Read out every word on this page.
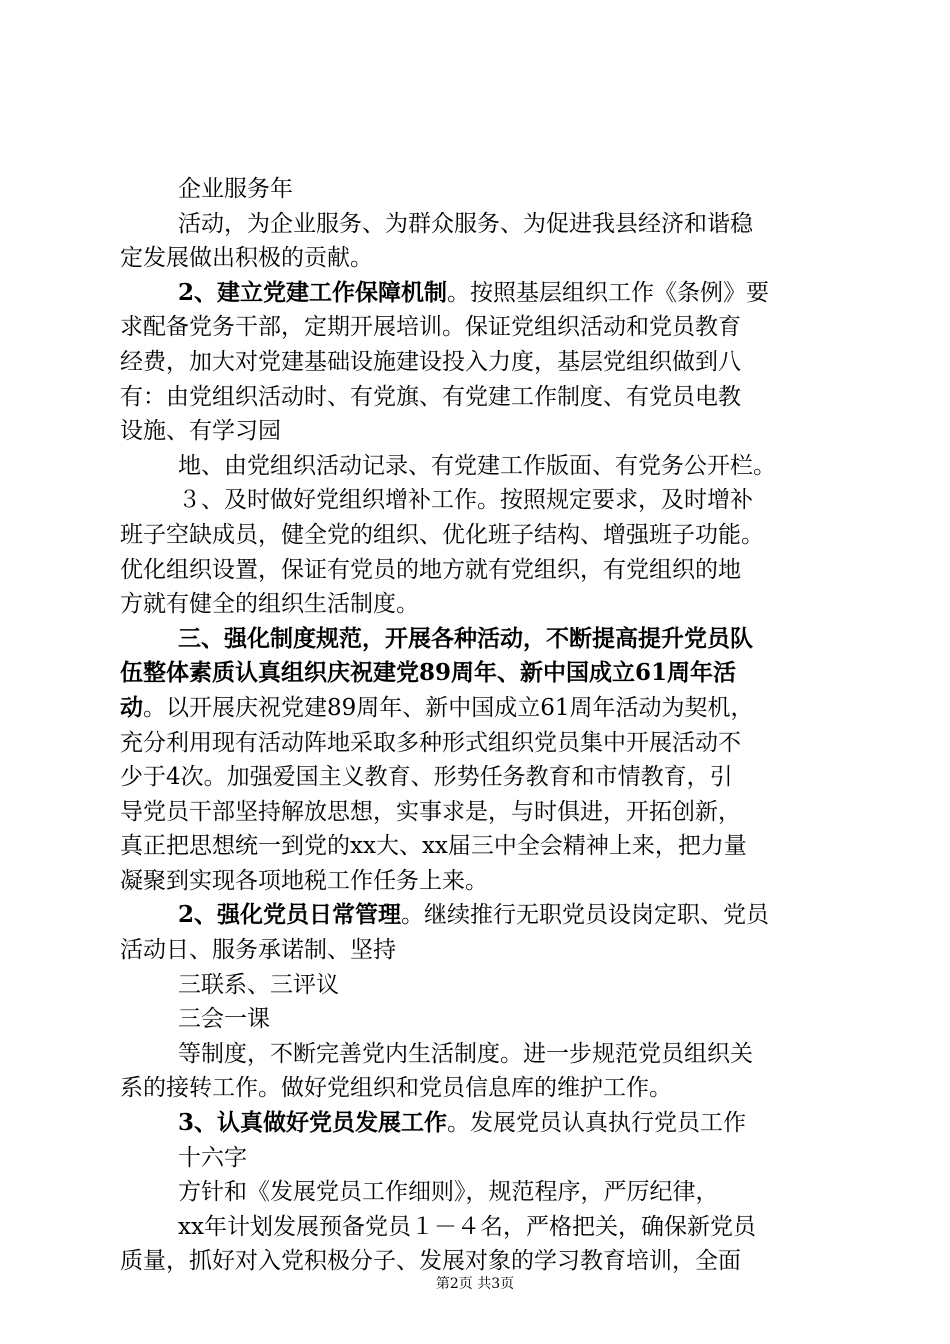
企业服务年
活动，为企业服务、为群众服务、为促进我县经济和谐稳
定发展做出积极的贡献。
2、建立党建工作保障机制。按照基层组织工作《条例》要
求配备党务干部，定期开展培训。保证党组织活动和党员教育
经费，加大对党建基础设施建设投入力度，基层党组织做到八
有：由党组织活动时、有党旗、有党建工作制度、有党员电教
设施、有学习园
地、由党组织活动记录、有党建工作版面、有党务公开栏。
３、及时做好党组织增补工作。按照规定要求，及时增补
班子空缺成员，健全党的组织、优化班子结构、增强班子功能。
优化组织设置，保证有党员的地方就有党组织，有党组织的地
方就有健全的组织生活制度。
三、强化制度规范，开展各种活动，不断提高提升党员队
伍整体素质认真组织庆祝建党89周年、新中国成立61周年活
动。以开展庆祝党建89周年、新中国成立61周年活动为契机，
充分利用现有活动阵地采取多种形式组织党员集中开展活动不
少于4次。加强爱国主义教育、形势任务教育和市情教育，引
导党员干部坚持解放思想，实事求是，与时俱进，开拓创新，
真正把思想统一到党的xx大、xx届三中全会精神上来，把力量
凝聚到实现各项地税工作任务上来。
2、强化党员日常管理。继续推行无职党员设岗定职、党员
活动日、服务承诺制、坚持
三联系、三评议
三会一课
等制度，不断完善党内生活制度。进一步规范党员组织关
系的接转工作。做好党组织和党员信息库的维护工作。
3、认真做好党员发展工作。发展党员认真执行党员工作
十六字
方针和《发展党员工作细则》，规范程序，严厉纪律，
xx年计划发展预备党员１－４名，严格把关，确保新党员
质量，抓好对入党积极分子、发展对象的学习教育培训，全面
第2页 共3页
